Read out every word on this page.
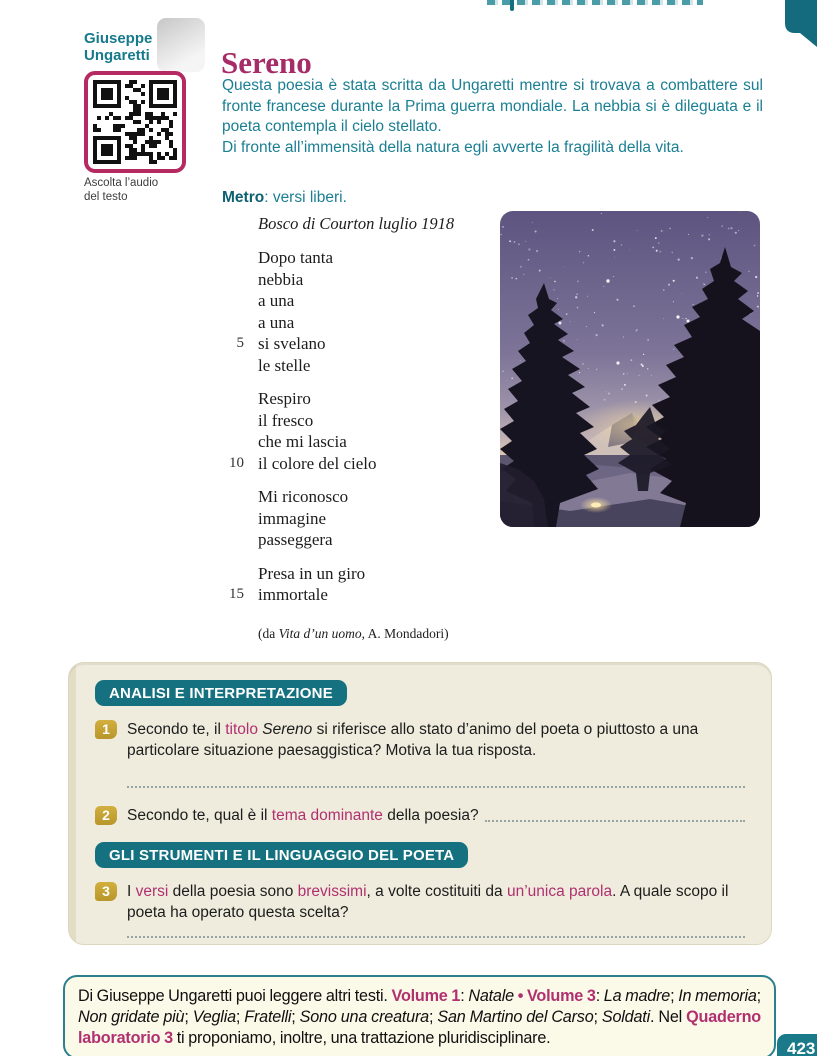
Giuseppe
Ungaretti
Ascolta l’audio
del testo
Sereno

Questa poesia è stata scritta da Ungaretti mentre si trovava a combattere sul fronte francese durante la Prima guerra mondiale. La nebbia si è dileguata e il poeta contempla il cielo stellato.

Di fronte all’immensità della natura egli avverte la fragilità della vita.

Metro: versi liberi.

Bosco di Courton luglio 1918

Dopo tanta
nebbia
a una
a una
5 si svelano
le stelle
Respiro
il fresco
che mi lascia
10 il colore del cielo
Mi riconosco
immagine
passeggera
Presa in un giro
15 immortale

(da Vita d’un uomo, A. Mondadori)

ANALISI E INTERPRETAZIONE
1	Secondo te, il titolo Sereno si riferisce allo stato d’animo del poeta o piuttosto a una particolare situazione paesaggistica? Motiva la tua risposta.
2	Secondo te, qual è il tema dominante della poesia?
GLI STRUMENTI E IL LINGUAGGIO DEL POETA
3	I versi della poesia sono brevissimi, a volte costituiti da un’unica parola. A quale scopo il poeta ha operato questa scelta?
Di Giuseppe Ungaretti puoi leggere altri testi. Volume 1: Natale • Volume 3: La madre; In memoria; Non gridate più; Veglia; Fratelli; Sono una creatura; San Martino del Carso; Soldati. Nel Quaderno laboratorio 3 ti proponiamo, inoltre, una trattazione pluridisciplinare.
423
